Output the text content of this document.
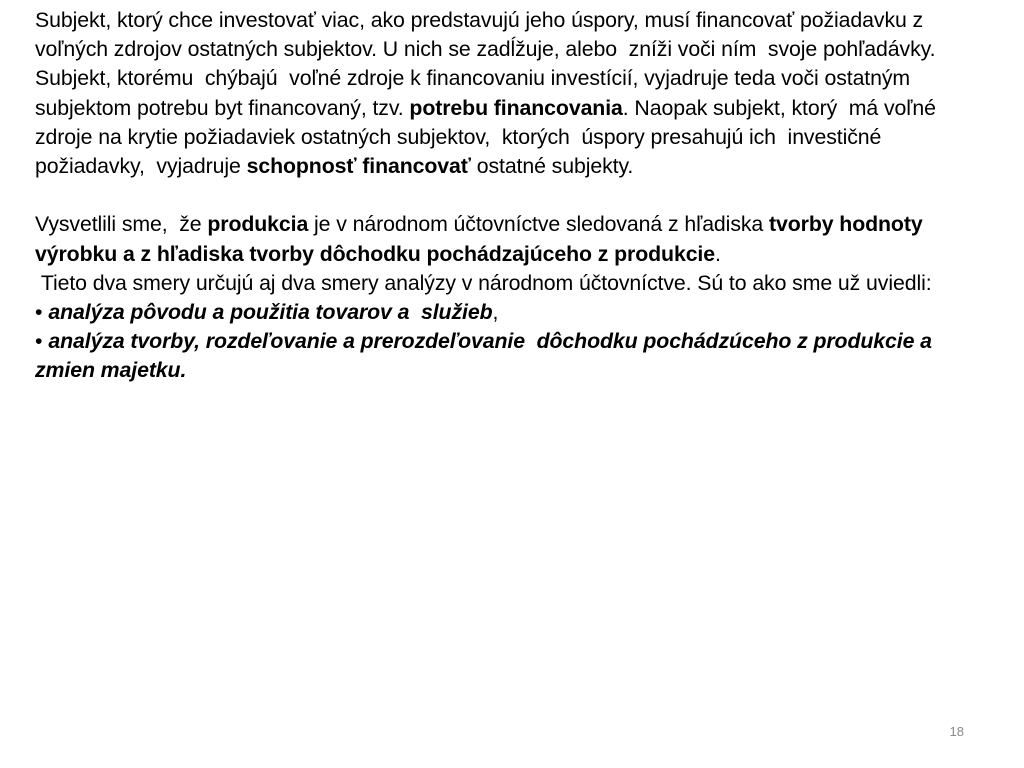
Subjekt, ktorý chce investovať viac, ako predstavujú jeho úspory, musí financovať požiadavku z voľných zdrojov ostatných subjektov. U nich se zadĺžuje, alebo  zníži voči ním  svoje pohľadávky. Subjekt, ktorému  chýbajú  voľné zdroje k financovaniu investícií, vyjadruje teda voči ostatným subjektom potrebu byt financovaný, tzv. potrebu financovania. Naopak subjekt, ktorý  má voľné zdroje na krytie požiadaviek ostatných subjektov,  ktorých  úspory presahujú ich  investičné požiadavky,  vyjadruje schopnosť financovať ostatné subjekty.

Vysvetlili sme,  že produkcia je v národnom účtovníctve sledovaná z hľadiska tvorby hodnoty výrobku a z hľadiska tvorby dôchodku pochádzajúceho z produkcie.

Tieto dva smery určujú aj dva smery analýzy v národnom účtovníctve. Sú to ako sme už uviedli:

• analýza pôvodu a použitia tovarov a  služieb,

• analýza tvorby, rozdeľovanie a prerozdeľovanie  dôchodku pochádzúceho z produkcie a zmien majetku.

18
